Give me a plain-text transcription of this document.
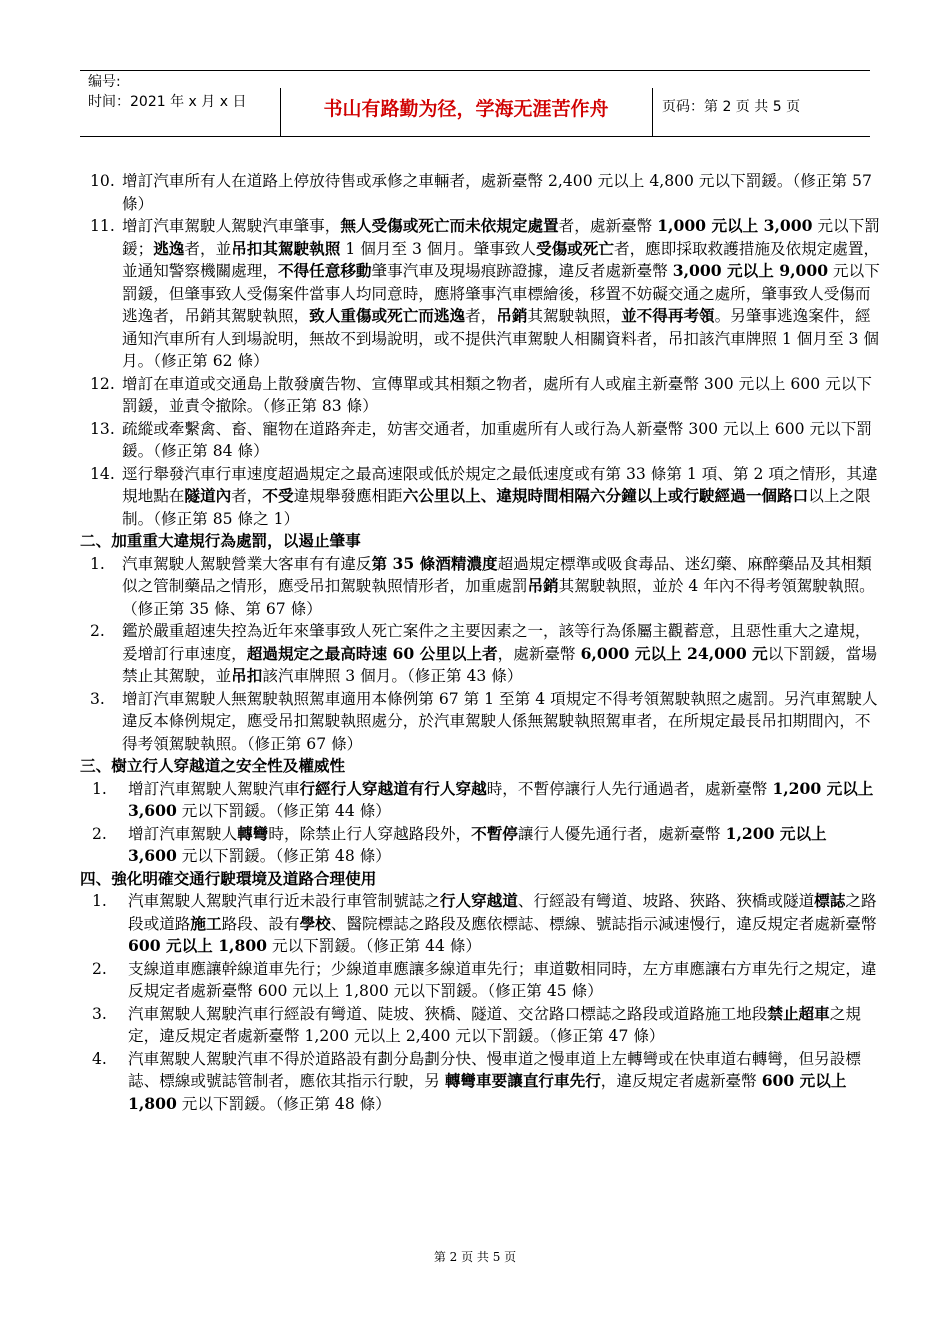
编号:
时间：2021 年 x 月 x 日	书山有路勤为径，学海无涯苦作舟	页码：第 2 页 共 5 页
10. 增訂汽車所有人在道路上停放待售或承修之車輛者，處新臺幣 2,400 元以上 4,800 元以下罰鍰。（修正第 57 條）
11. 增訂汽車駕駛人駕駛汽車肇事，無人受傷或死亡而未依規定處置者，處新臺幣 1,000 元以上 3,000 元以下罰鍰；逃逸者，並吊扣其駕駛執照 1 個月至 3 個月。肇事致人受傷或死亡者，應即採取救護措施及依規定處置，並通知警察機關處理，不得任意移動肇事汽車及現場痕跡證據，違反者處新臺幣 3,000 元以上 9,000 元以下罰鍰，但肇事致人受傷案件當事人均同意時，應將肇事汽車標繪後，移置不妨礙交通之處所，肇事致人受傷而逃逸者，吊銷其駕駛執照，致人重傷或死亡而逃逸者，吊銷其駕駛執照，並不得再考領。另肇事逃逸案件，經通知汽車所有人到場說明，無故不到場說明，或不提供汽車駕駛人相關資料者，吊扣該汽車牌照 1 個月至 3 個月。（修正第 62 條）
12. 增訂在車道或交通島上散發廣告物、宣傳單或其相類之物者，處所有人或雇主新臺幣 300 元以上 600 元以下罰鍰，並責令撤除。（修正第 83 條）
13. 疏縱或牽繫禽、畜、寵物在道路奔走，妨害交通者，加重處所有人或行為人新臺幣 300 元以上 600 元以下罰鍰。（修正第 84 條）
14. 逕行舉發汽車行車速度超過規定之最高速限或低於規定之最低速度或有第 33 條第 1 項、第 2 項之情形，其違規地點在隧道內者，不受違規舉發應相距六公里以上、違規時間相隔六分鐘以上或行駛經過一個路口以上之限制。（修正第 85 條之 1）
二、加重重大違規行為處罰，以遏止肇事
1. 汽車駕駛人駕駛營業大客車有有違反第 35 條酒精濃度超過規定標準或吸食毒品、迷幻藥、麻醉藥品及其相類似之管制藥品之情形，應受吊扣駕駛執照情形者，加重處罰吊銷其駕駛執照，並於 4 年內不得考領駕駛執照。（修正第 35 條、第 67 條）
2. 鑑於嚴重超速失控為近年來肇事致人死亡案件之主要因素之一，該等行為係屬主觀蓄意，且惡性重大之違規，爰增訂行車速度，超過規定之最高時速 60 公里以上者，處新臺幣 6,000 元以上 24,000 元以下罰鍰，當場禁止其駕駛，並吊扣該汽車牌照 3 個月。（修正第 43 條）
3. 增訂汽車駕駛人無駕駛執照駕車適用本條例第 67 第 1 至第 4 項規定不得考領駕駛執照之處罰。另汽車駕駛人違反本條例規定，應受吊扣駕駛執照處分，於汽車駕駛人係無駕駛執照駕車者，在所規定最長吊扣期間內，不得考領駕駛執照。（修正第 67 條）
三、樹立行人穿越道之安全性及權威性
1. 增訂汽車駕駛人駕駛汽車行經行人穿越道有行人穿越時，不暫停讓行人先行通過者，處新臺幣 1,200 元以上 3,600 元以下罰鍰。（修正第 44 條）
2. 增訂汽車駕駛人轉彎時，除禁止行人穿越路段外，不暫停讓行人優先通行者，處新臺幣 1,200 元以上 3,600 元以下罰鍰。（修正第 48 條）
四、強化明確交通行駛環境及道路合理使用
1. 汽車駕駛人駕駛汽車行近未設行車管制號誌之行人穿越道、行經設有彎道、坡路、狹路、狹橋或隧道標誌之路段或道路施工路段、設有學校、醫院標誌之路段及應依標誌、標線、號誌指示減速慢行，違反規定者處新臺幣 600 元以上 1,800 元以下罰鍰。（修正第 44 條）
2. 支線道車應讓幹線道車先行；少線道車應讓多線道車先行；車道數相同時，左方車應讓右方車先行之規定，違反規定者處新臺幣 600 元以上 1,800 元以下罰鍰。（修正第 45 條）
3. 汽車駕駛人駕駛汽車行經設有彎道、陡坡、狹橋、隧道、交岔路口標誌之路段或道路施工地段禁止超車之規定，違反規定者處新臺幣 1,200 元以上 2,400 元以下罰鍰。（修正第 47 條）
4. 汽車駕駛人駕駛汽車不得於道路設有劃分島劃分快、慢車道之慢車道上左轉彎或在快車道右轉彎，但另設標誌、標線或號誌管制者，應依其指示行駛，另 轉彎車要讓直行車先行，違反規定者處新臺幣 600 元以上 1,800 元以下罰鍰。（修正第 48 條）
第 2 页 共 5 页
